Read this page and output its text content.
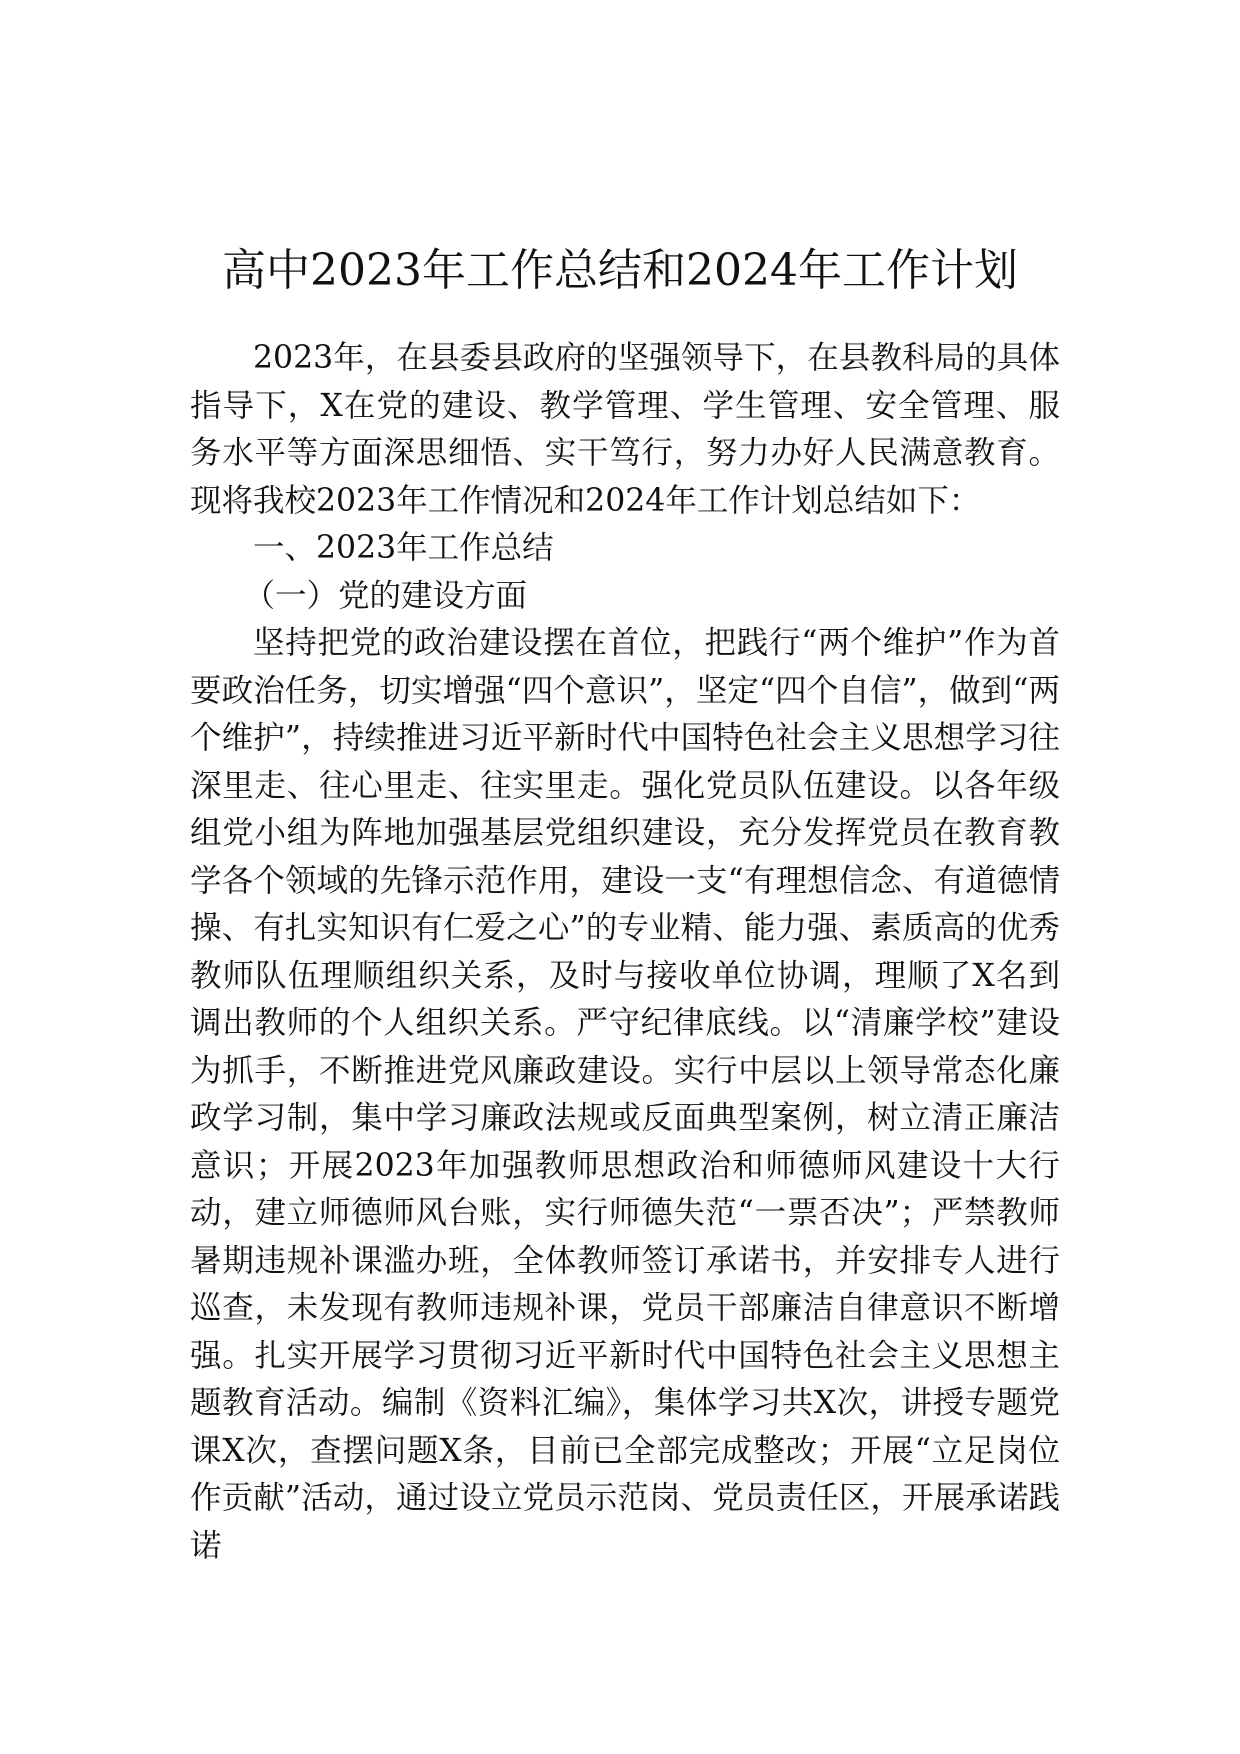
高中2023年工作总结和2024年工作计划

2023年，在县委县政府的坚强领导下，在县教科局的具体指导下，X在党的建设、教学管理、学生管理、安全管理、服务水平等方面深思细悟、实干笃行，努力办好人民满意教育。现将我校2023年工作情况和2024年工作计划总结如下：

一、2023年工作总结

（一）党的建设方面

坚持把党的政治建设摆在首位，把践行“两个维护”作为首要政治任务，切实增强“四个意识”，坚定“四个自信”，做到“两个维护”，持续推进习近平新时代中国特色社会主义思想学习往深里走、往心里走、往实里走。强化党员队伍建设。以各年级组党小组为阵地加强基层党组织建设，充分发挥党员在教育教学各个领域的先锋示范作用，建设一支“有理想信念、有道德情操、有扎实知识有仁爱之心”的专业精、能力强、素质高的优秀教师队伍理顺组织关系，及时与接收单位协调，理顺了X名到调出教师的个人组织关系。严守纪律底线。以“清廉学校”建设为抓手，不断推进党风廉政建设。实行中层以上领导常态化廉政学习制，集中学习廉政法规或反面典型案例，树立清正廉洁意识；开展2023年加强教师思想政治和师德师风建设十大行动，建立师德师风台账，实行师德失范“一票否决”；严禁教师暑期违规补课滥办班，全体教师签订承诺书，并安排专人进行巡查，未发现有教师违规补课，党员干部廉洁自律意识不断增强。扎实开展学习贯彻习近平新时代中国特色社会主义思想主题教育活动。编制《资料汇编》，集体学习共X次，讲授专题党课X次，查摆问题X条，目前已全部完成整改；开展“立足岗位作贡献”活动，通过设立党员示范岗、党员责任区，开展承诺践诺
